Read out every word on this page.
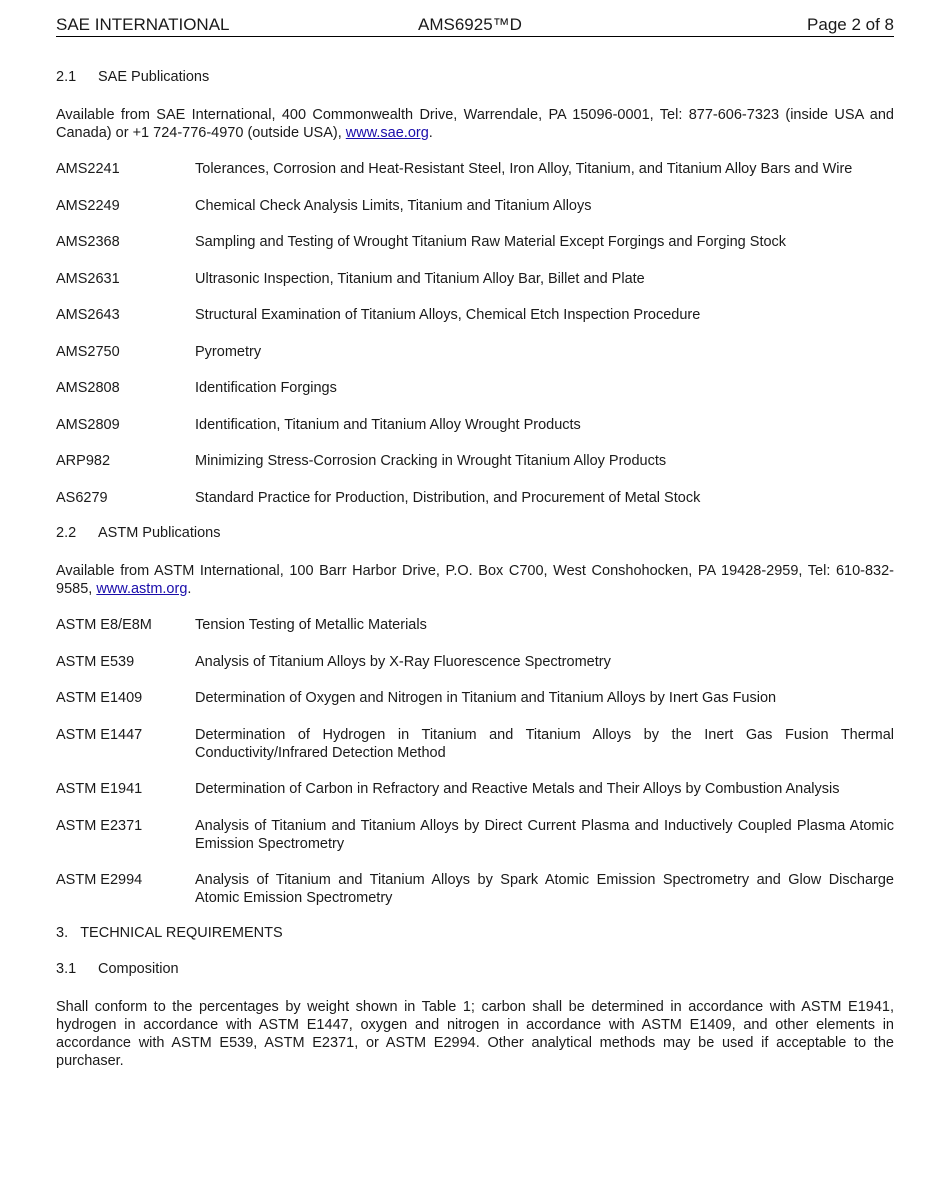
SAE INTERNATIONAL	AMS6925™D	Page 2 of 8
2.1 SAE Publications
Available from SAE International, 400 Commonwealth Drive, Warrendale, PA 15096-0001, Tel: 877-606-7323 (inside USA and Canada) or +1 724-776-4970 (outside USA), www.sae.org.
AMS2241	Tolerances, Corrosion and Heat-Resistant Steel, Iron Alloy, Titanium, and Titanium Alloy Bars and Wire
AMS2249	Chemical Check Analysis Limits, Titanium and Titanium Alloys
AMS2368	Sampling and Testing of Wrought Titanium Raw Material Except Forgings and Forging Stock
AMS2631	Ultrasonic Inspection, Titanium and Titanium Alloy Bar, Billet and Plate
AMS2643	Structural Examination of Titanium Alloys, Chemical Etch Inspection Procedure
AMS2750	Pyrometry
AMS2808	Identification Forgings
AMS2809	Identification, Titanium and Titanium Alloy Wrought Products
ARP982	Minimizing Stress-Corrosion Cracking in Wrought Titanium Alloy Products
AS6279	Standard Practice for Production, Distribution, and Procurement of Metal Stock
2.2 ASTM Publications
Available from ASTM International, 100 Barr Harbor Drive, P.O. Box C700, West Conshohocken, PA 19428-2959, Tel: 610-832-9585, www.astm.org.
ASTM E8/E8M	Tension Testing of Metallic Materials
ASTM E539	Analysis of Titanium Alloys by X-Ray Fluorescence Spectrometry
ASTM E1409	Determination of Oxygen and Nitrogen in Titanium and Titanium Alloys by Inert Gas Fusion
ASTM E1447	Determination of Hydrogen in Titanium and Titanium Alloys by the Inert Gas Fusion Thermal Conductivity/Infrared Detection Method
ASTM E1941	Determination of Carbon in Refractory and Reactive Metals and Their Alloys by Combustion Analysis
ASTM E2371	Analysis of Titanium and Titanium Alloys by Direct Current Plasma and Inductively Coupled Plasma Atomic Emission Spectrometry
ASTM E2994	Analysis of Titanium and Titanium Alloys by Spark Atomic Emission Spectrometry and Glow Discharge Atomic Emission Spectrometry
3. TECHNICAL REQUIREMENTS
3.1 Composition
Shall conform to the percentages by weight shown in Table 1; carbon shall be determined in accordance with ASTM E1941, hydrogen in accordance with ASTM E1447, oxygen and nitrogen in accordance with ASTM E1409, and other elements in accordance with ASTM E539, ASTM E2371, or ASTM E2994. Other analytical methods may be used if acceptable to the purchaser.
